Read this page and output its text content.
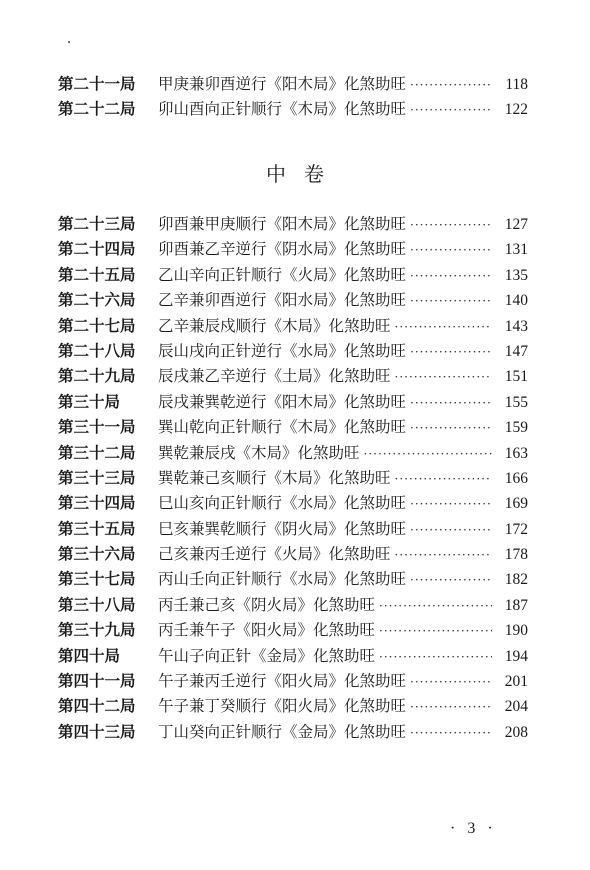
第二十一局	甲庚兼卯酉逆行《阳木局》化煞助旺 ·····	118
第二十二局	卯山酉向正针顺行《木局》化煞助旺 ·····	122
中卷
第二十三局	卯酉兼甲庚顺行《阳木局》化煞助旺 ·····	127
第二十四局	卯酉兼乙辛逆行《阴水局》化煞助旺 ·····	131
第二十五局	乙山辛向正针顺行《火局》化煞助旺 ·····	135
第二十六局	乙辛兼卯酉逆行《阳水局》化煞助旺 ·····	140
第二十七局	乙辛兼辰戍顺行《木局》化煞助旺 ·····	143
第二十八局	辰山戌向正针逆行《水局》化煞助旺 ·····	147
第二十九局	辰戌兼乙辛逆行《土局》化煞助旺 ·····	151
第三十局	辰戌兼巽乾逆行《阳木局》化煞助旺 ·····	155
第三十一局	巽山乾向正针顺行《木局》化煞助旺 ·····	159
第三十二局	巽乾兼辰戌《木局》化煞助旺 ·····	163
第三十三局	巽乾兼己亥顺行《木局》化煞助旺 ·····	166
第三十四局	巳山亥向正针顺行《水局》化煞助旺 ·····	169
第三十五局	巳亥兼巽乾顺行《阴火局》化煞助旺 ·····	172
第三十六局	己亥兼丙壬逆行《火局》化煞助旺 ·····	178
第三十七局	丙山壬向正针顺行《水局》化煞助旺 ·····	182
第三十八局	丙壬兼己亥《阴火局》化煞助旺 ·····	187
第三十九局	丙壬兼午子《阳火局》化煞助旺 ·····	190
第四十局	午山子向正针《金局》化煞助旺 ·····	194
第四十一局	午子兼丙壬逆行《阳火局》化煞助旺 ·····	201
第四十二局	午子兼丁癸顺行《阳火局》化煞助旺 ·····	204
第四十三局	丁山癸向正针顺行《金局》化煞助旺 ·····	208
· 3 ·
